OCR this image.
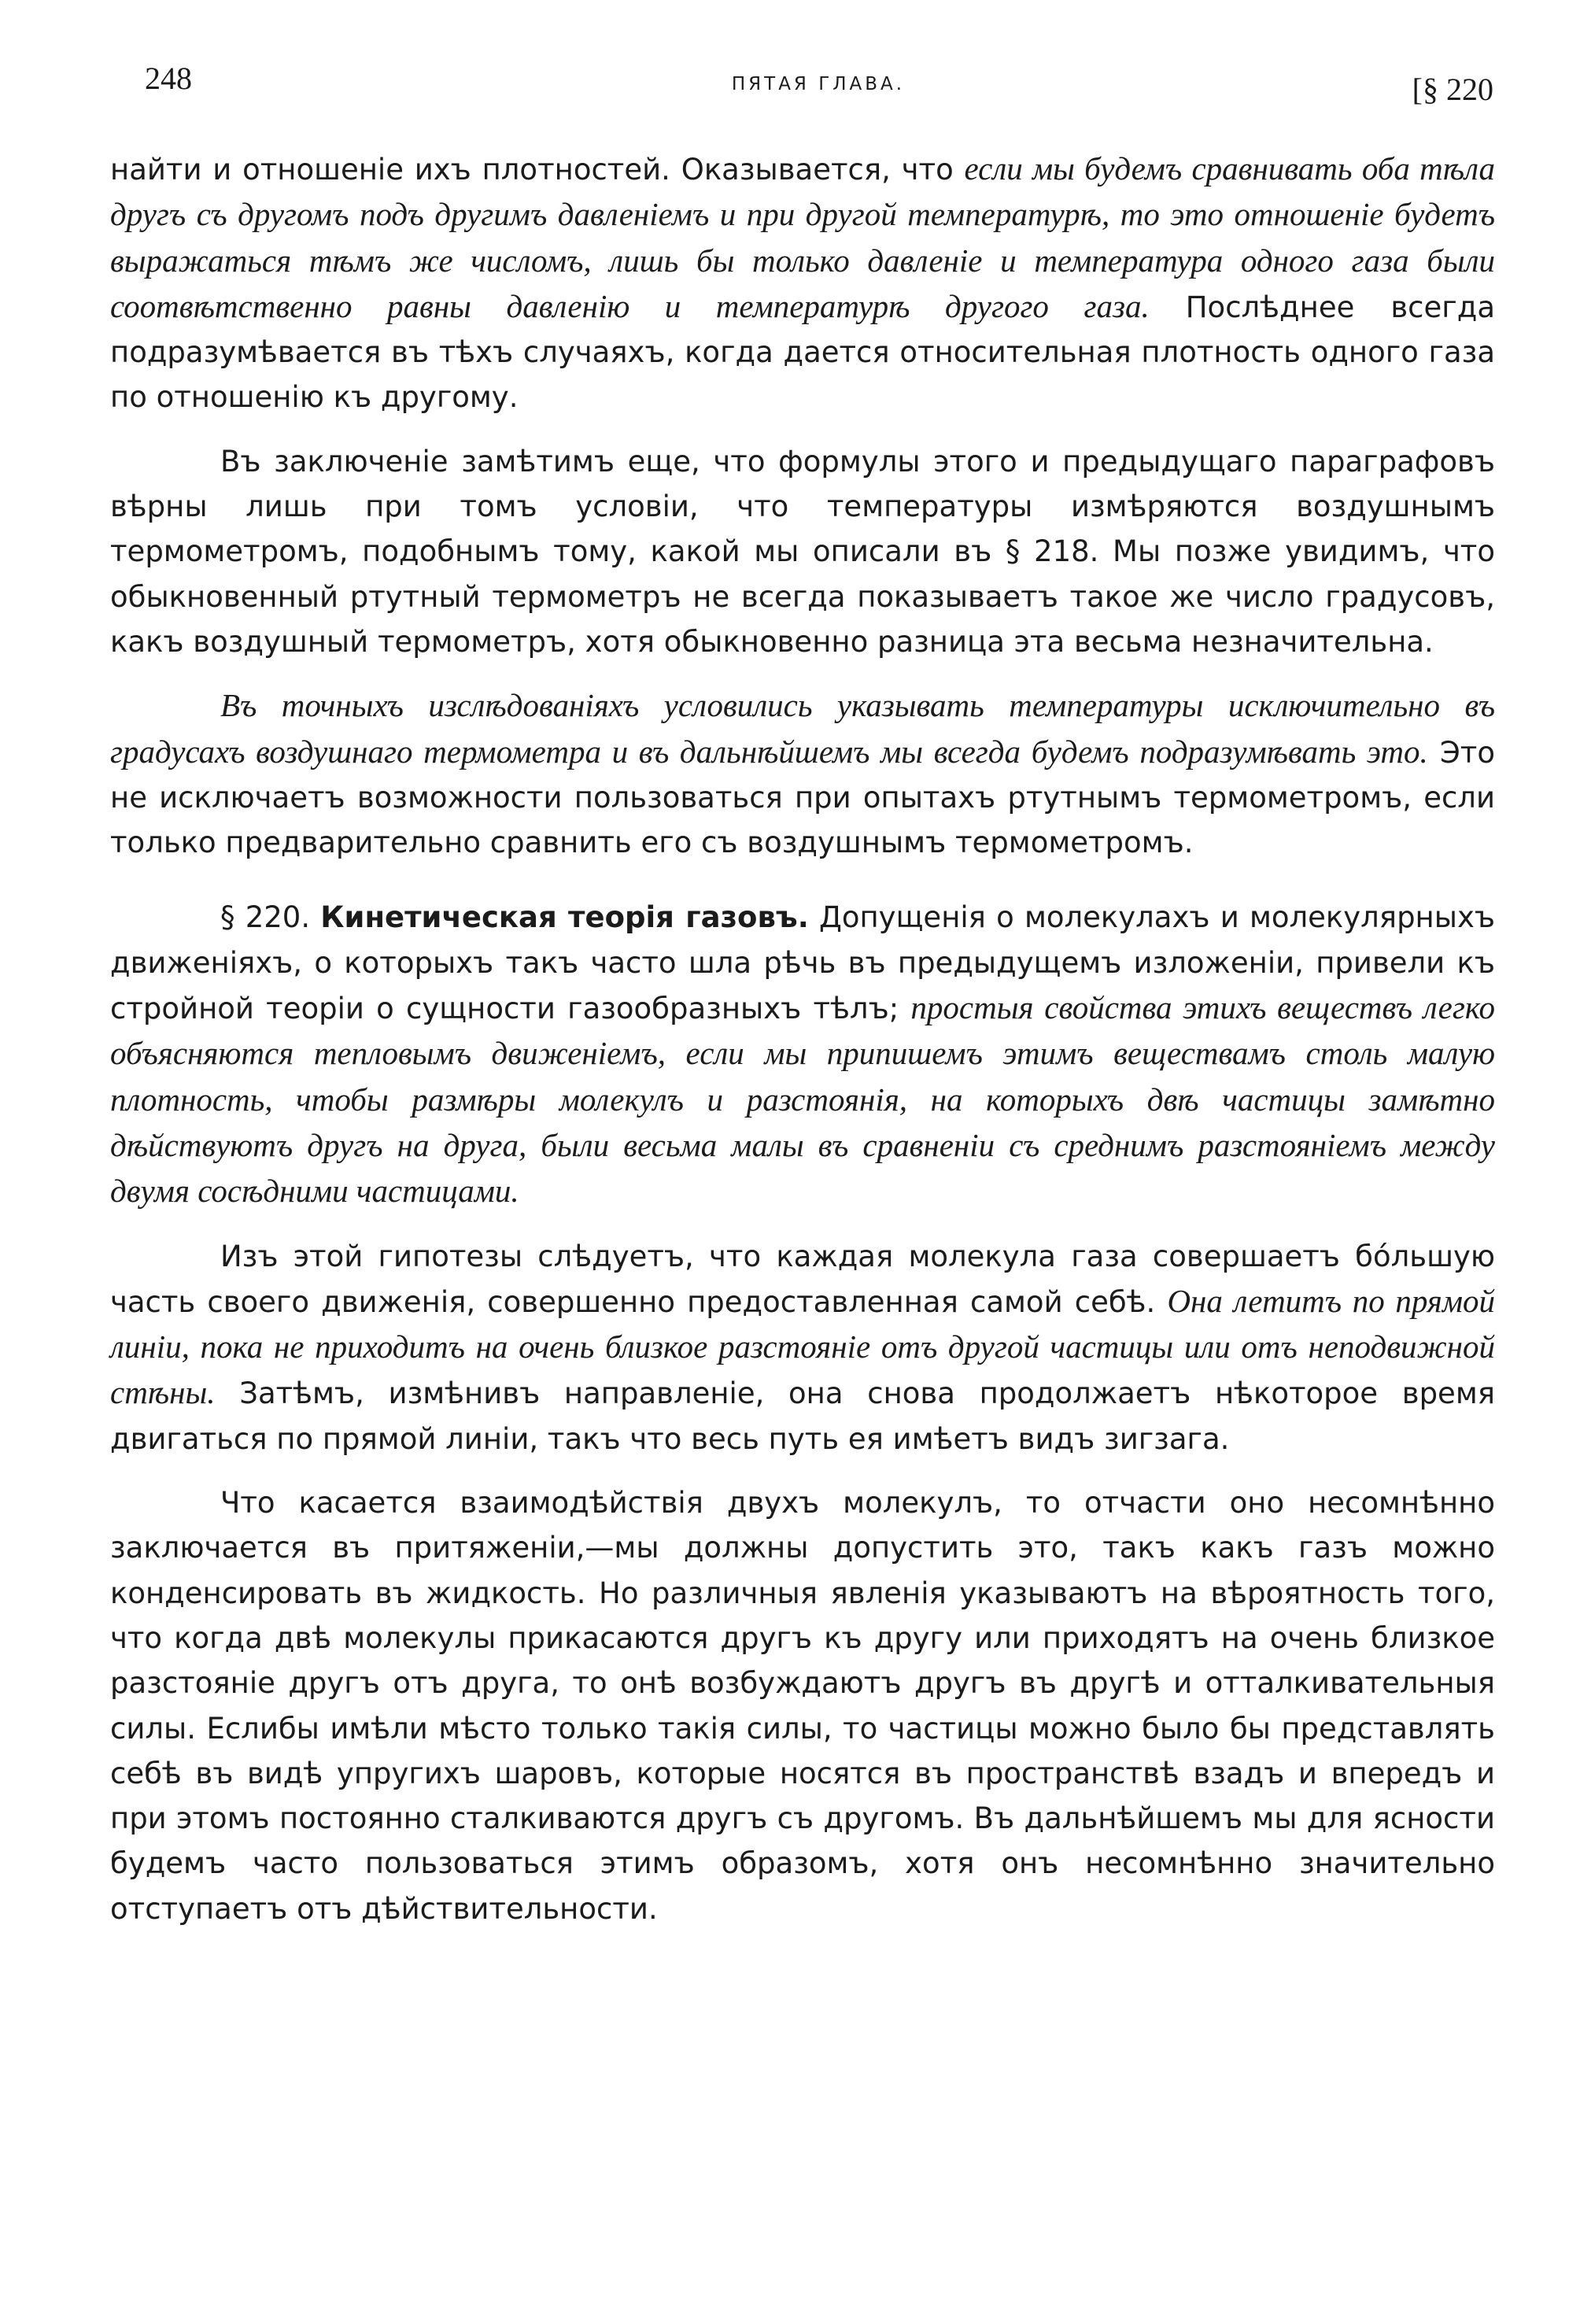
248	ПЯТАЯ ГЛАВА.	[§ 220

найти и отношенie ихъ плотностей. Оказывается, что если мы будемъ сравнивать оба тѣла другъ съ другомъ подъ другимъ давленiемъ и при другой температурѣ, то это отношенie будетъ выражаться тѣмъ же числомъ, лишь бы только давленie и температура одного газа были соотвѣтственно равны давленiю и температурѣ другого газа. Послѣднее всегда подразумѣвается въ тѣхъ случаяхъ, когда дается относительная плотность одного газа по отношенiю къ другому.

Въ заключенie замѣтимъ еще, что формулы этого и предыдущаго параграфовъ вѣрны лишь при томъ условiи, что температуры измѣряются воздушнымъ термометромъ, подобнымъ тому, какой мы описали въ § 218. Мы позже увидимъ, что обыкновенный ртутный термометръ не всегда показываетъ такое же число градусовъ, какъ воздушный термометръ, хотя обыкновенно разница эта весьма незначительна.

Въ точныхъ изслѣдованiяхъ условились указывать температуры исключительно въ градусахъ воздушнаго термометра и въ дальнѣйшемъ мы всегда будемъ подразумѣвать это. Это не исключаетъ возможности пользоваться при опытахъ ртутнымъ термометромъ, если только предварительно сравнить его съ воздушнымъ термометромъ.

§ 220. Кинетическая теорiя газовъ. Допущенiя о молекулахъ и молекулярныхъ движенiяхъ, о которыхъ такъ часто шла рѣчь въ предыдущемъ изложенiи, привели къ стройной теорiи о сущности газообразныхъ тѣлъ; простыя свойства этихъ веществъ легко объясняются тепловымъ движенiемъ, если мы припишемъ этимъ веществамъ столь малую плотность, чтобы размѣры молекулъ и разстоянiя, на которыхъ двѣ частицы замѣтно дѣйствуютъ другъ на друга, были весьма малы въ сравненiи съ среднимъ разстоянiемъ между двумя сосѣдними частицами.

Изъ этой гипотезы слѣдуетъ, что каждая молекула газа совершаетъ бóльшую часть своего движенiя, совершенно предоставленная самой себѣ. Она летитъ по прямой линiи, пока не приходитъ на очень близкое разстоянie отъ другой частицы или отъ неподвижной стѣны. Затѣмъ, измѣнивъ направленie, она снова продолжаетъ нѣкоторое время двигаться по прямой линiи, такъ что весь путь ея имѣетъ видъ зигзага.

Что касается взаимодѣйствiя двухъ молекулъ, то отчасти оно несомнѣнно заключается въ притяженiи,—мы должны допустить это, такъ какъ газъ можно конденсировать въ жидкость. Но различныя явленiя указываютъ на вѣроятность того, что когда двѣ молекулы прикасаются другъ къ другу или приходятъ на очень близкое разстоянie другъ отъ друга, то онѣ возбуждаютъ другъ въ другѣ и отталкивательныя силы. Еслибы имѣли мѣсто только такiя силы, то частицы можно было бы представлять себѣ въ видѣ упругихъ шаровъ, которые носятся въ пространствѣ взадъ и впередъ и при этомъ постоянно сталкиваются другъ съ другомъ. Въ дальнѣйшемъ мы для ясности будемъ часто пользоваться этимъ образомъ, хотя онъ несомнѣнно значительно отступаетъ отъ дѣйствительности.
